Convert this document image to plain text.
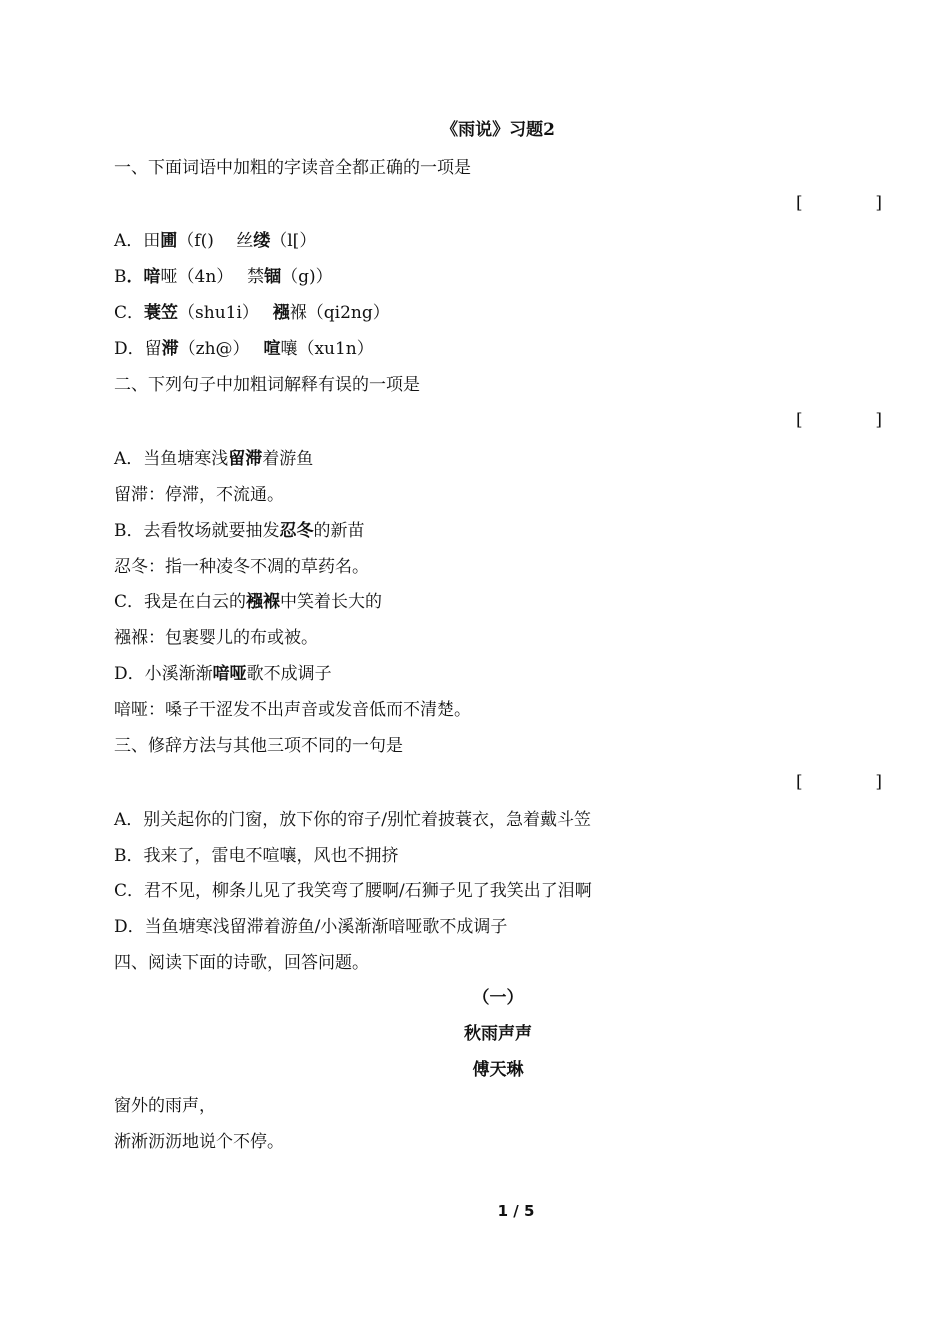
《雨说》习题2
一、下面词语中加粗的字读音全都正确的一项是
[	]
A．田圃（f()　 丝缕（l[）
B．喑哑（4n）　 禁锢（g)）
C．蓑笠（shu1i）　 襁褓（qi2ng）
D．留滞（zh@）　 喧嚷（xu1n）
二、下列句子中加粗词解释有误的一项是
[	]
A．当鱼塘寒浅留滞着游鱼
留滞：停滞，不流通。
B．去看牧场就要抽发忍冬的新苗
忍冬：指一种凌冬不凋的草药名。
C．我是在白云的襁褓中笑着长大的
襁褓：包裹婴儿的布或被。
D．小溪渐渐喑哑歌不成调子
喑哑：嗓子干涩发不出声音或发音低而不清楚。
三、修辞方法与其他三项不同的一句是
[	]
A．别关起你的门窗，放下你的帘子/别忙着披蓑衣，急着戴斗笠
B．我来了，雷电不喧嚷，风也不拥挤
C．君不见，柳条儿见了我笑弯了腰啊/石狮子见了我笑出了泪啊
D．当鱼塘寒浅留滞着游鱼/小溪渐渐喑哑歌不成调子
四、阅读下面的诗歌，回答问题。
（一）
秋雨声声
傅天琳
窗外的雨声，
淅淅沥沥地说个不停。
1 / 5
